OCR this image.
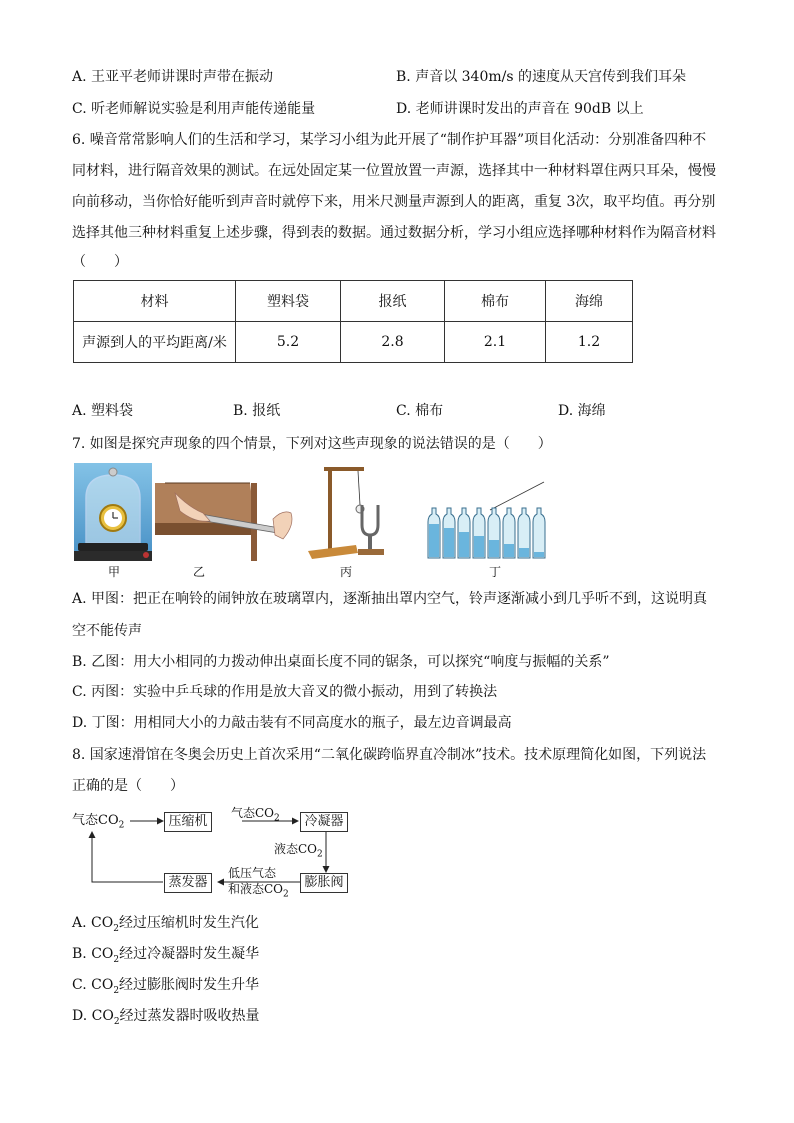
A. 王亚平老师讲课时声带在振动	B. 声音以 340m/s 的速度从天宫传到我们耳朵
C. 听老师解说实验是利用声能传递能量	D. 老师讲课时发出的声音在 90dB 以上
6. 噪音常常影响人们的生活和学习，某学习小组为此开展了“制作护耳器”项目化活动：分别准备四种不
同材料，进行隔音效果的测试。在远处固定某一位置放置一声源，选择其中一种材料罩住两只耳朵，慢慢
向前移动，当你恰好能听到声音时就停下来，用米尺测量声源到人的距离，重复 3次，取平均值。再分别
选择其他三种材料重复上述步骤，得到表的数据。通过数据分析，学习小组应选择哪种材料作为隔音材料
（　　）
材料	塑料袋	报纸	棉布	海绵
声源到人的平均距离/米	5.2	2.8	2.1	1.2
A. 塑料袋	B. 报纸	C. 棉布	D. 海绵
7. 如图是探究声现象的四个情景，下列对这些声现象的说法错误的是（　　）
甲	乙	丙	丁
A. 甲图：把正在响铃的闹钟放在玻璃罩内，逐渐抽出罩内空气，铃声逐渐减小到几乎听不到，这说明真
空不能传声
B. 乙图：用大小相同的力拨动伸出桌面长度不同的锯条，可以探究“响度与振幅的关系”
C. 丙图：实验中乒乓球的作用是放大音叉的微小振动，用到了转换法
D. 丁图：用相同大小的力敲击装有不同高度水的瓶子，最左边音调最高
8. 国家速滑馆在冬奥会历史上首次采用“二氧化碳跨临界直冷制冰”技术。技术原理简化如图，下列说法
正确的是（　　）
气态$CO_2$	压缩机
气态$CO_2$	冷凝器
液态$CO_2$
膨胀阀
低压气态
和液态$CO_2$
蒸发器
A. $CO_2$经过压缩机时发生汽化
B. $CO_2$经过冷凝器时发生凝华
C. $CO_2$经过膨胀阀时发生升华
D. $CO_2$经过蒸发器时吸收热量
